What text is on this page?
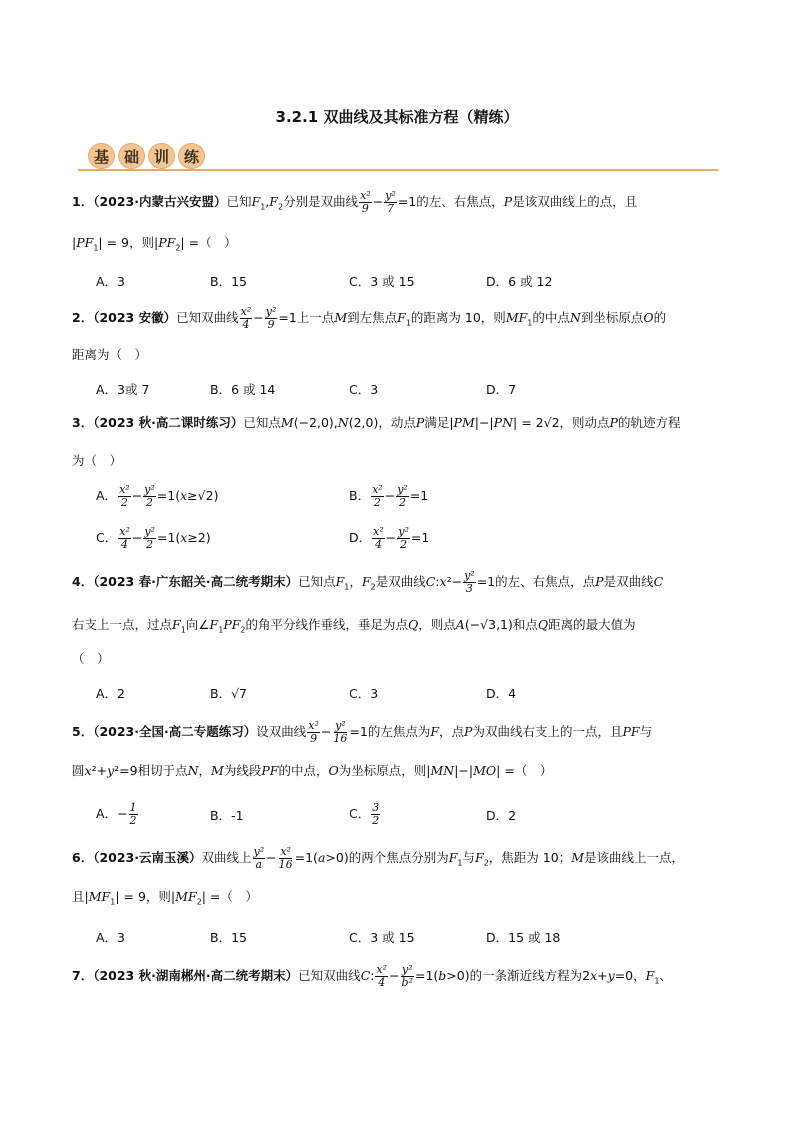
3.2.1 双曲线及其标准方程（精练）
基 础 训 练
1．（2023·内蒙古兴安盟）已知$F_1,F_2$分别是双曲线 $\frac{\text{x²}}{9} - \frac{\text{y²}}{7} =1$的左、右焦点，P是该双曲线上的点，且
$|PF_1| = 9$，则$|PF_2|$ =（　）
A．3	B．15	C．3 或 15	D．6 或 12
2．（2023 安徽）已知双曲线 $\frac{\text{x²}}{4} - \frac{\text{y²}}{9} =1$上一点M到左焦点$F_1$的距离为 10，则$MF_1$的中点N到坐标原点O的
距离为（　）
A．3或 7	B．6 或 14	C．3	D．7
3．（2023 秋·高二课时练习）已知点M(−2,0),N(2,0)，动点P满足|PM|−|PN| = 2√2，则动点P的轨迹方程
为（　）
A． $\frac{\text{x²}}{2} - \frac{\text{y²}}{2} =1(x\ge√2)$	B． $\frac{\text{x²}}{2} - \frac{\text{y²}}{2} =1$
C． $\frac{\text{x²}}{4} - \frac{\text{y²}}{2} =1(x\ge 2)$	D． $\frac{\text{x²}}{4} - \frac{\text{y²}}{2} =1$
4．（2023 春·广东韶关·高二统考期末）已知点$F_1$，$F_2$是双曲线C:x²− $\frac{\text{y²}}{3} =1$的左、右焦点，点P是双曲线C
右支上一点，过点$F_1$向$\angle F_1PF_2$的角平分线作垂线，垂足为点Q，则点A(−√3,1)和点Q距离的最大值为
（　）
A．2	B．√7	C．3	D．4
5．（2023·全国·高二专题练习）设双曲线 $\frac{\text{x²}}{9} - \frac{\text{y²}}{16} =1$的左焦点为F，点P为双曲线右支上的一点，且PF与
圆x²+y²=9相切于点N，M为线段PF的中点，O为坐标原点，则|MN|−|MO| =（　）
A．− $\frac{1}{2}$	B．-1	C． $\frac{3}{2}$	D．2
6．（2023·云南玉溪）双曲线上 $\frac{\text{y²}}{a} - \frac{\text{x²}}{16} =1(a>0)$的两个焦点分别为$F_1$与$F_2$，焦距为 10；M是该曲线上一点，
且$|MF_1| = 9$，则$|MF_2|$ =（　）
A．3	B．15	C．3 或 15	D．15 或 18
7．（2023 秋·湖南郴州·高二统考期末）已知双曲线C: $\frac{\text{x²}}{4} - \frac{\text{y²}}{\text{b²}} =1(b>0)$的一条渐近线方程为2x+y=0，$F_1$、
